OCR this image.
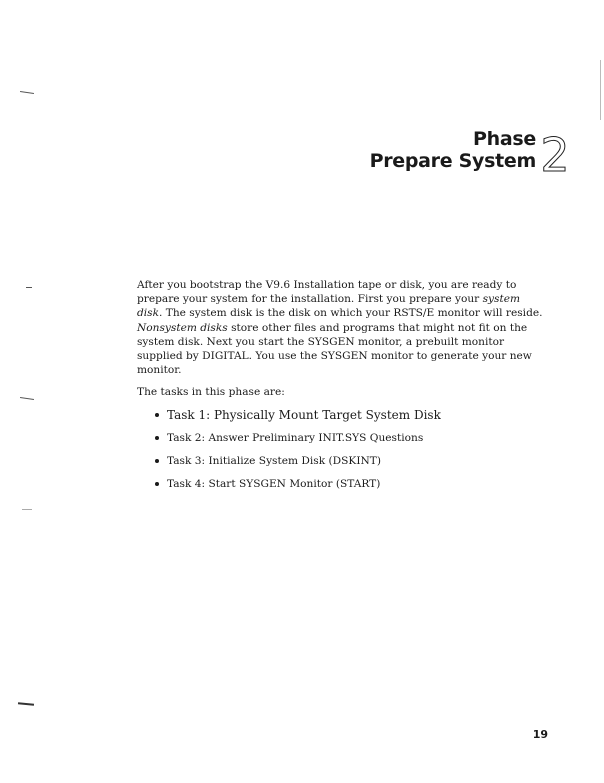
Phase
Prepare System 2

After you bootstrap the V9.6 Installation tape or disk, you are ready to prepare your system for the installation. First you prepare your system disk. The system disk is the disk on which your RSTS/E monitor will reside. Nonsystem disks store other files and programs that might not fit on the system disk. Next you start the SYSGEN monitor, a prebuilt monitor supplied by DIGITAL. You use the SYSGEN monitor to generate your new monitor.

The tasks in this phase are:

Task 1: Physically Mount Target System Disk
Task 2: Answer Preliminary INIT.SYS Questions
Task 3: Initialize System Disk (DSKINT)
Task 4: Start SYSGEN Monitor (START)
19
